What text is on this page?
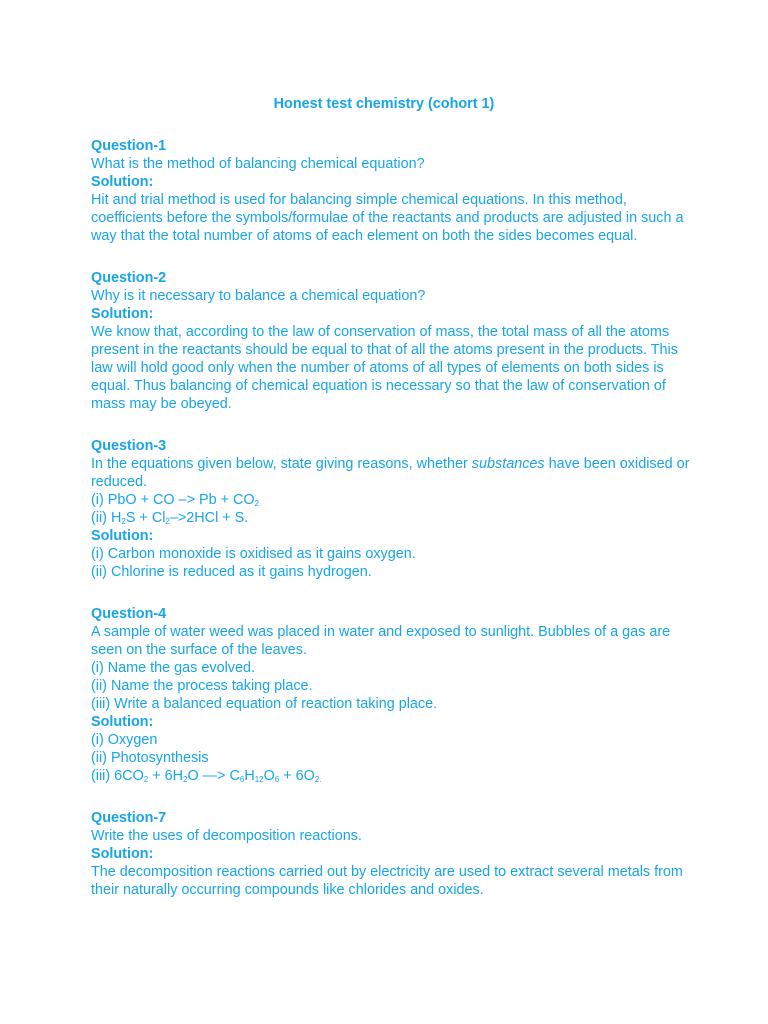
Honest test chemistry (cohort 1)
Question-1
What is the method of balancing chemical equation?
Solution:
Hit and trial method is used for balancing simple chemical equations. In this method, coefficients before the symbols/formulae of the reactants and products are adjusted in such a way that the total number of atoms of each element on both the sides becomes equal.
Question-2
Why is it necessary to balance a chemical equation?
Solution:
We know that, according to the law of conservation of mass, the total mass of all the atoms present in the reactants should be equal to that of all the atoms present in the products. This law will hold good only when the number of atoms of all types of elements on both sides is equal. Thus balancing of chemical equation is necessary so that the law of conservation of mass may be obeyed.
Question-3
In the equations given below, state giving reasons, whether substances have been oxidised or reduced.
(i) PbO + CO –> $Pb + CO_2$
(ii) $H_2S + Cl_2->2HCl + S$.
Solution:
(i) Carbon monoxide is oxidised as it gains oxygen.
(ii) Chlorine is reduced as it gains hydrogen.
Question-4
A sample of water weed was placed in water and exposed to sunlight. Bubbles of a gas are seen on the surface of the leaves.
(i) Name the gas evolved.
(ii) Name the process taking place.
(iii) Write a balanced equation of reaction taking place.
Solution:
(i) Oxygen
(ii) Photosynthesis
(iii) $6CO_2 + 6H_2O$ —> $C_6H_{12}O_6 + 6O_{2.}$
Question-7
Write the uses of decomposition reactions.
Solution:
The decomposition reactions carried out by electricity are used to extract several metals from their naturally occurring compounds like chlorides and oxides.
